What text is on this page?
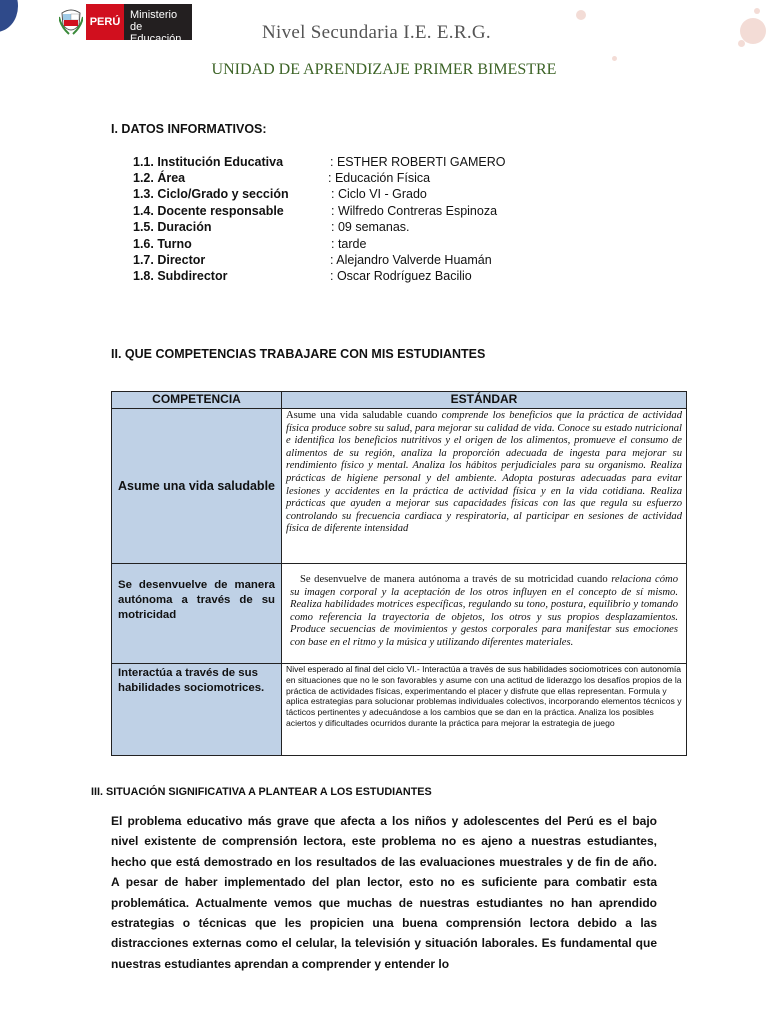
PERÚ
Ministerio
de Educación	Nivel Secundaria I.E. E.R.G.
UNIDAD DE APRENDIZAJE PRIMER BIMESTRE
I. DATOS INFORMATIVOS:
1.1. Institución Educativa	: ESTHER ROBERTI GAMERO
1.2. Área	: Educación Física
1.3. Ciclo/Grado y sección	: Ciclo VI - Grado
1.4. Docente responsable	: Wilfredo Contreras Espinoza
1.5. Duración	: 09 semanas.
1.6. Turno	: tarde
1.7. Director	: Alejandro Valverde Huamán
1.8. Subdirector	: Oscar Rodríguez Bacilio
II. QUE COMPETENCIAS TRABAJARE CON MIS ESTUDIANTES
COMPETENCIA	ESTÁNDAR
Asume una vida saludable	Asume una vida saludable cuando comprende los beneficios que la práctica de actividad física produce sobre su salud, para mejorar su calidad de vida. Conoce su estado nutricional e identifica los beneficios nutritivos y el origen de los alimentos, promueve el consumo de alimentos de su región, analiza la proporción adecuada de ingesta para mejorar su rendimiento físico y mental. Analiza los hábitos perjudiciales para su organismo. Realiza prácticas de higiene personal y del ambiente. Adopta posturas adecuadas para evitar lesiones y accidentes en la práctica de actividad física y en la vida cotidiana. Realiza prácticas que ayuden a mejorar sus capacidades físicas con las que regula su esfuerzo controlando su frecuencia cardiaca y respiratoria, al participar en sesiones de actividad física de diferente intensidad

Se desenvuelve de manera autónoma a través de su motricidad	Se desenvuelve de manera autónoma a través de su motricidad cuando relaciona cómo su imagen corporal y la aceptación de los otros influyen en el concepto de sí mismo. Realiza habilidades motrices específicas, regulando su tono, postura, equilibrio y tomando como referencia la trayectoria de objetos, los otros y sus propios desplazamientos. Produce secuencias de movimientos y gestos corporales para manifestar sus emociones con base en el ritmo y la música y utilizando diferentes materiales.

Interactúa a través de sus habilidades sociomotrices.	Nivel esperado al final del ciclo VI.- Interactúa a través de sus habilidades sociomotrices con autonomía en situaciones que no le son favorables y asume con una actitud de liderazgo los desafíos propios de la práctica de actividades físicas, experimentando el placer y disfrute que ellas representan. Formula y aplica estrategias para solucionar problemas individuales colectivos, incorporando elementos técnicos y tácticos pertinentes y adecuándose a los cambios que se dan en la práctica. Analiza los posibles aciertos y dificultades ocurridos durante la práctica para mejorar la estrategia de juego
III. SITUACIÓN SIGNIFICATIVA A PLANTEAR A LOS ESTUDIANTES
El problema educativo más grave que afecta a los niños y adolescentes del Perú es el bajo nivel existente de comprensión lectora, este problema no es ajeno a nuestras estudiantes, hecho que está demostrado en los resultados de las evaluaciones muestrales y de fin de año. A pesar de haber implementado del plan lector, esto no es suficiente para combatir esta problemática. Actualmente vemos que muchas de nuestras estudiantes no han aprendido estrategias o técnicas que les propicien una buena comprensión lectora debido a las distracciones externas como el celular, la televisión y situación laborales. Es fundamental que nuestras estudiantes aprendan a comprender y entender lo
